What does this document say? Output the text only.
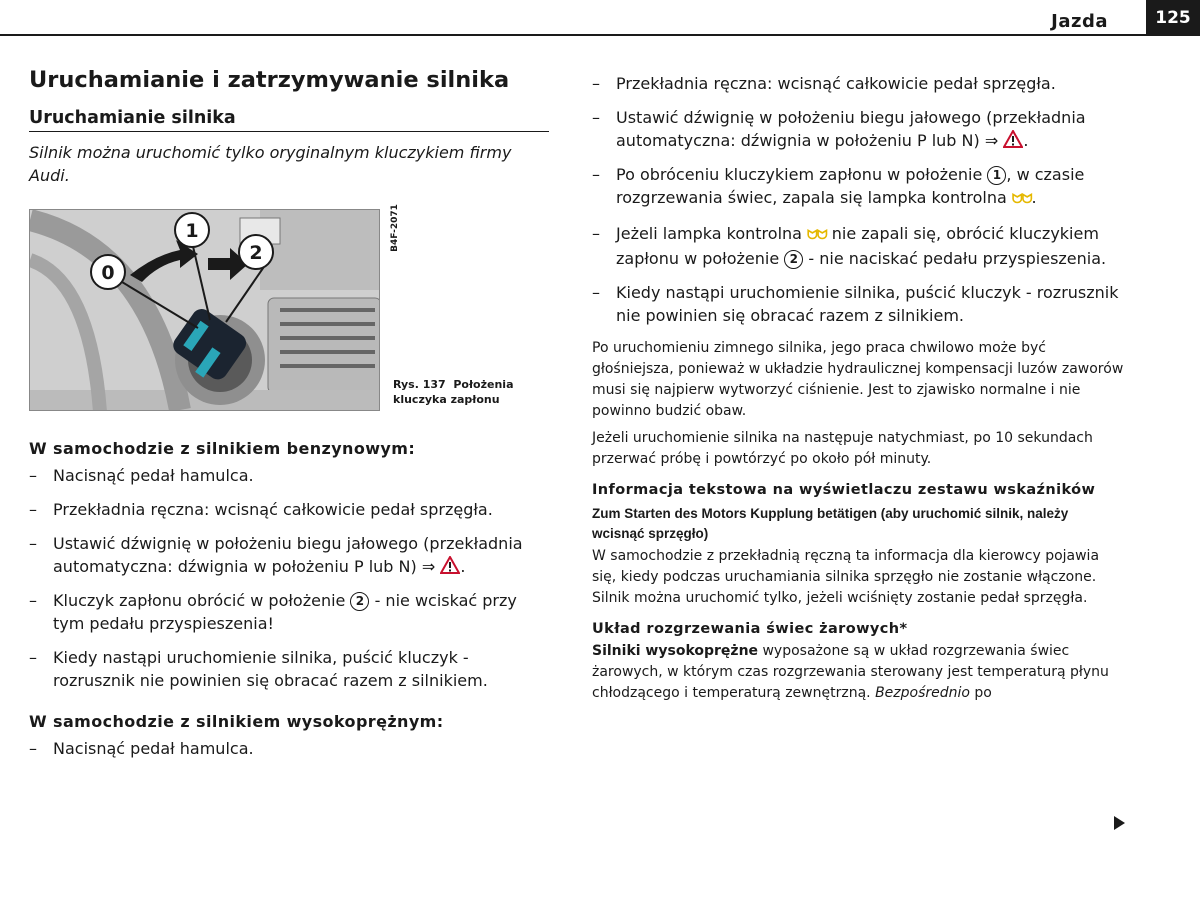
Jazda	125
Uruchamianie i zatrzymywanie silnika
Uruchamianie silnika

Silnik można uruchomić tylko oryginalnym kluczykiem firmy Audi.

0
1
2
B4F-2071
Rys. 137 Położenia kluczyka zapłonu
W samochodzie z silnikiem benzynowym:
– Nacisnąć pedał hamulca.
– Przekładnia ręczna: wcisnąć całkowicie pedał sprzęgła.
– Ustawić dźwignię w położeniu biegu jałowego (przekładnia automatyczna: dźwignia w położeniu P lub N) ⇒ .
– Kluczyk zapłonu obrócić w położenie 2 - nie wciskać przy tym pedału przyspieszenia!
– Kiedy nastąpi uruchomienie silnika, puścić kluczyk - rozrusznik nie powinien się obracać razem z silnikiem.
W samochodzie z silnikiem wysokoprężnym:
– Nacisnąć pedał hamulca.
– Przekładnia ręczna: wcisnąć całkowicie pedał sprzęgła.
– Ustawić dźwignię w położeniu biegu jałowego (przekładnia automatyczna: dźwignia w położeniu P lub N) ⇒ .
– Po obróceniu kluczykiem zapłonu w położenie 1 , w czasie rozgrzewania świec, zapala się lampka kontrolna ᗢᗢ.
– Jeżeli lampka kontrolna ᗢᗢ nie zapali się, obrócić kluczykiem zapłonu w położenie 2 - nie naciskać pedału przyspieszenia.
– Kiedy nastąpi uruchomienie silnika, puścić kluczyk - rozrusznik nie powinien się obracać razem z silnikiem.

Po uruchomieniu zimnego silnika, jego praca chwilowo może być głośniejsza, ponieważ w układzie hydraulicznej kompensacji luzów zaworów musi się najpierw wytworzyć ciśnienie. Jest to zjawisko normalne i nie powinno budzić obaw.

Jeżeli uruchomienie silnika na następuje natychmiast, po 10 sekundach przerwać próbę i powtórzyć po około pół minuty.

Informacja tekstowa na wyświetlaczu zestawu wskaźników

Zum Starten des Motors Kupplung betätigen (aby uruchomić silnik, należy wcisnąć sprzęgło)

W samochodzie z przekładnią ręczną ta informacja dla kierowcy pojawia się, kiedy podczas uruchamiania silnika sprzęgło nie zostanie włączone. Silnik można uruchomić tylko, jeżeli wciśnięty zostanie pedał sprzęgła.

Układ rozgrzewania świec żarowych*

Silniki wysokoprężne wyposażone są w układ rozgrzewania świec żarowych, w którym czas rozgrzewania sterowany jest temperaturą płynu chłodzącego i temperaturą zewnętrzną. Bezpośrednio po
